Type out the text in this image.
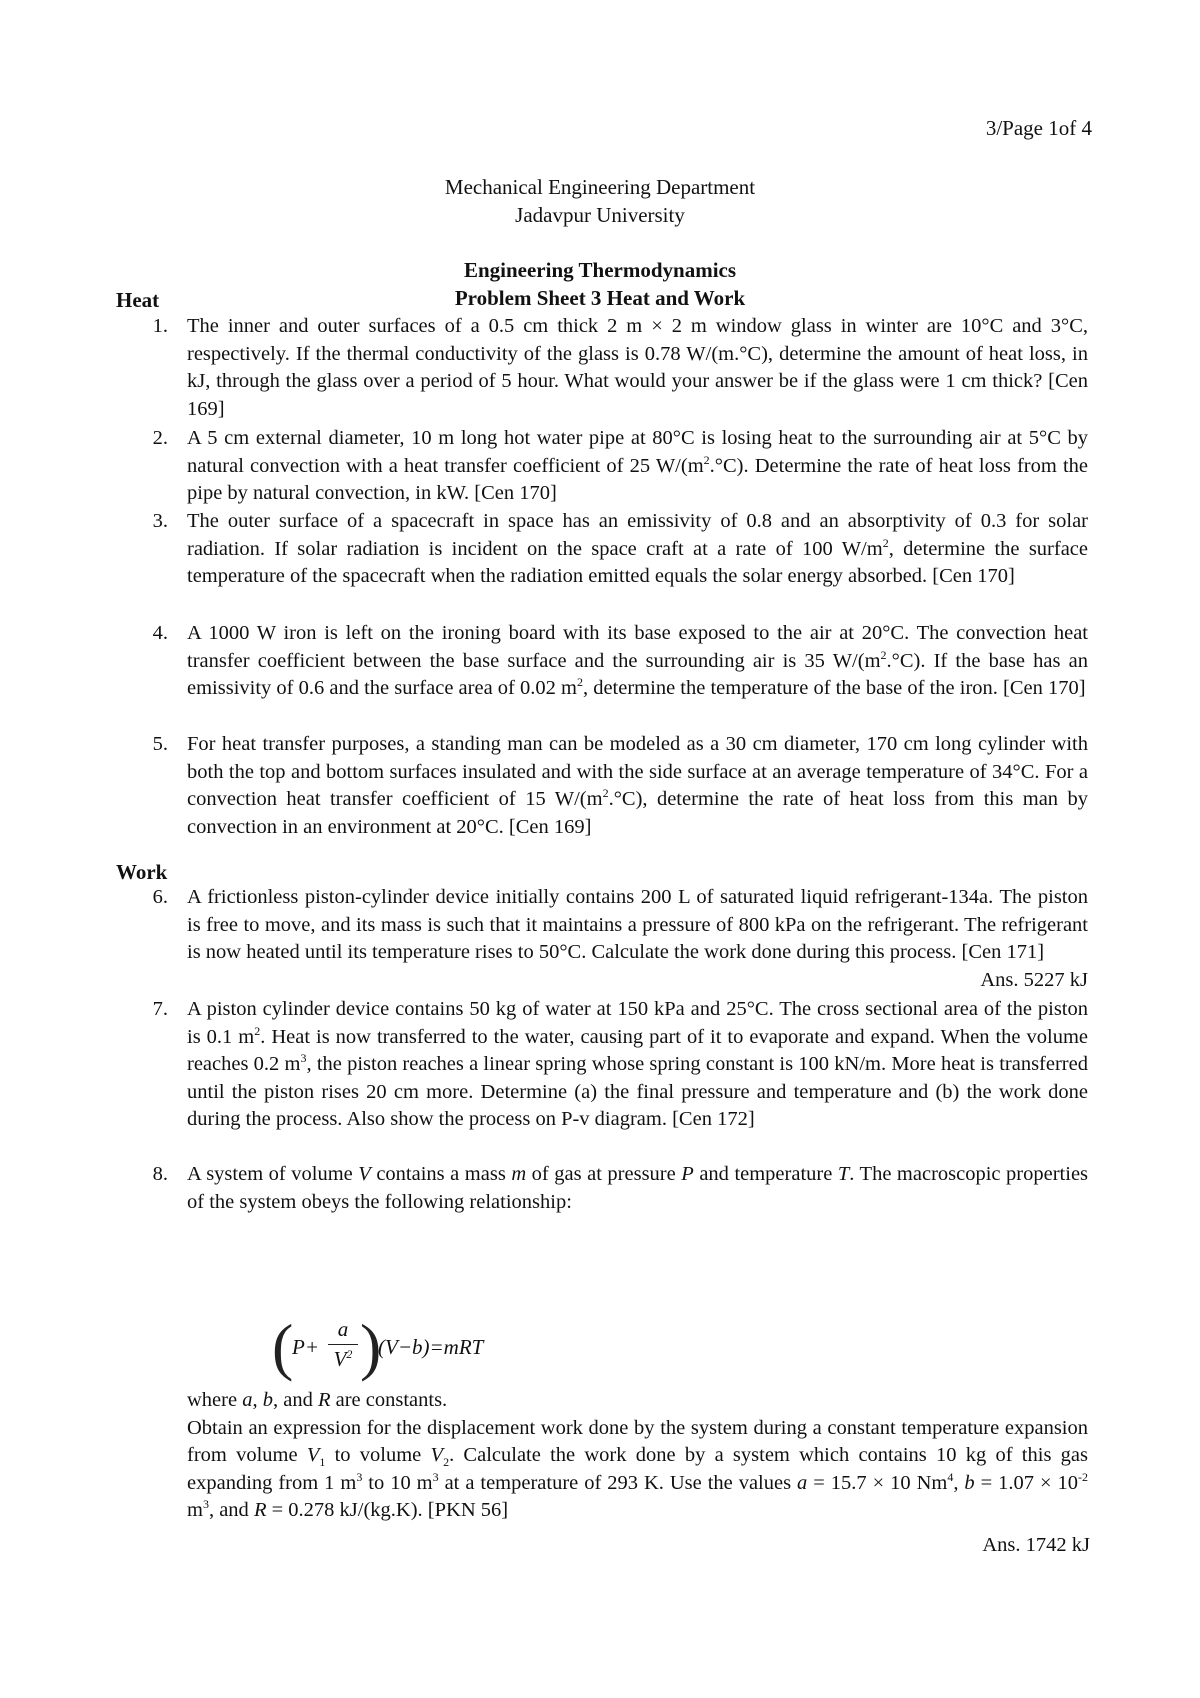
3/Page 1of 4
Mechanical Engineering Department
Jadavpur University
Engineering Thermodynamics
Problem Sheet 3 Heat and Work
Heat
1. The inner and outer surfaces of a 0.5 cm thick 2 m × 2 m window glass in winter are 10°C and 3°C, respectively. If the thermal conductivity of the glass is 0.78 W/(m.°C), determine the amount of heat loss, in kJ, through the glass over a period of 5 hour. What would your answer be if the glass were 1 cm thick? [Cen 169]
2. A 5 cm external diameter, 10 m long hot water pipe at 80°C is losing heat to the surrounding air at 5°C by natural convection with a heat transfer coefficient of 25 $W/(m^2.^\circ C)$. Determine the rate of heat loss from the pipe by natural convection, in kW. [Cen 170]
3. The outer surface of a spacecraft in space has an emissivity of 0.8 and an absorptivity of 0.3 for solar radiation. If solar radiation is incident on the space craft at a rate of 100 $W/m^2$, determine the surface temperature of the spacecraft when the radiation emitted equals the solar energy absorbed. [Cen 170]
4. A 1000 W iron is left on the ironing board with its base exposed to the air at 20°C. The convection heat transfer coefficient between the base surface and the surrounding air is 35 $W/(m^2.^\circ C)$. If the base has an emissivity of 0.6 and the surface area of 0.02 $m^2$, determine the temperature of the base of the iron. [Cen 170]
5. For heat transfer purposes, a standing man can be modeled as a 30 cm diameter, 170 cm long cylinder with both the top and bottom surfaces insulated and with the side surface at an average temperature of 34°C. For a convection heat transfer coefficient of 15 $W/(m^2.^\circ C)$, determine the rate of heat loss from this man by convection in an environment at 20°C. [Cen 169]
Work
6. A frictionless piston-cylinder device initially contains 200 L of saturated liquid refrigerant-134a. The piston is free to move, and its mass is such that it maintains a pressure of 800 kPa on the refrigerant. The refrigerant is now heated until its temperature rises to 50°C. Calculate the work done during this process. [Cen 171]
Ans. 5227 kJ
7. A piston cylinder device contains 50 kg of water at 150 kPa and 25°C. The cross sectional area of the piston is 0.1 $m^2$. Heat is now transferred to the water, causing part of it to evaporate and expand. When the volume reaches 0.2 $m^3$, the piston reaches a linear spring whose spring constant is 100 kN/m. More heat is transferred until the piston rises 20 cm more. Determine (a) the final pressure and temperature and (b) the work done during the process. Also show the process on P-v diagram. [Cen 172]
8. A system of volume V contains a mass m of gas at pressure P and temperature T. The macroscopic properties of the system obeys the following relationship:
(
P+
a
$V^2$ )
(V−b)=mRT
where a, b, and R are constants.
Obtain an expression for the displacement work done by the system during a constant temperature expansion from volume $V_1$ to volume $V_2$. Calculate the work done by a system which contains 10 kg of this gas expanding from 1 $m^3$ to 10 $m^3$ at a temperature of 293 K. Use the values a = 15.7 × 10 Nm$^4$, $b = 1.07 \times 10^{-2}$ $m^3$, and R = 0.278 kJ/(kg.K). [PKN 56]
Ans. 1742 kJ
